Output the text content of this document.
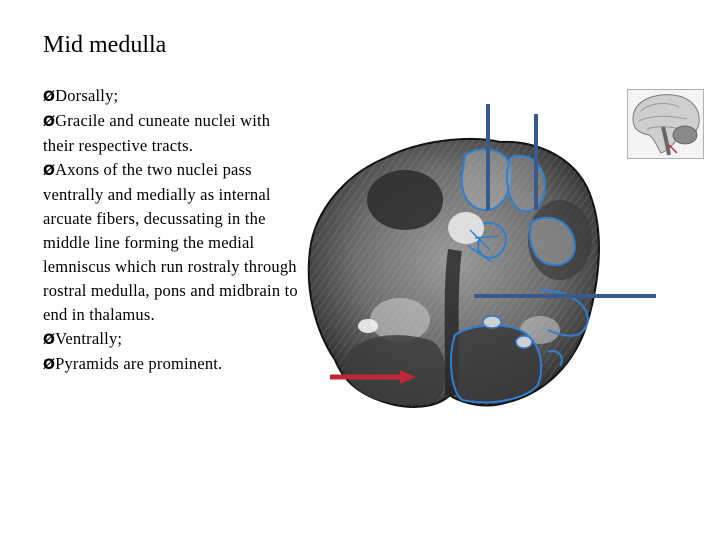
Mid medulla
ØDorsally;
ØGracile and cuneate nuclei with their respective tracts.
ØAxons of the two nuclei pass ventrally and medially as internal arcuate fibers, decussating in the middle line forming the medial lemniscus which run rostraly through rostral medulla, pons and midbrain to end in thalamus.
ØVentrally;
ØPyramids are prominent.
